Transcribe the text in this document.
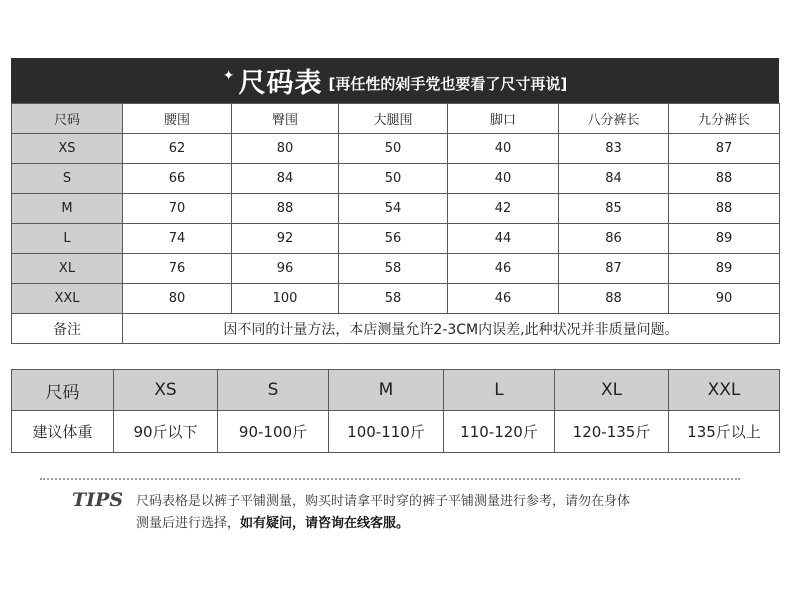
✦ 尺码表 [再任性的剁手党也要看了尺寸再说]
尺码	腰围	臀围	大腿围	脚口	八分裤长	九分裤长
XS	62	80	50	40	83	87
S	66	84	50	40	84	88
M	70	88	54	42	85	88
L	74	92	56	44	86	89
XL	76	96	58	46	87	89
XXL	80	100	58	46	88	90
备注	因不同的计量方法，本店测量允许2-3CM内误差,此种状况并非质量问题。					
尺码	XS	S	M	L	XL	XXL
建议体重	90斤以下	90-100斤	100-110斤	110-120斤	120-135斤	135斤以上
TIPS 尺码表格是以裤子平铺测量，购买时请拿平时穿的裤子平铺测量进行参考，请勿在身体
测量后进行选择，如有疑问，请咨询在线客服。
